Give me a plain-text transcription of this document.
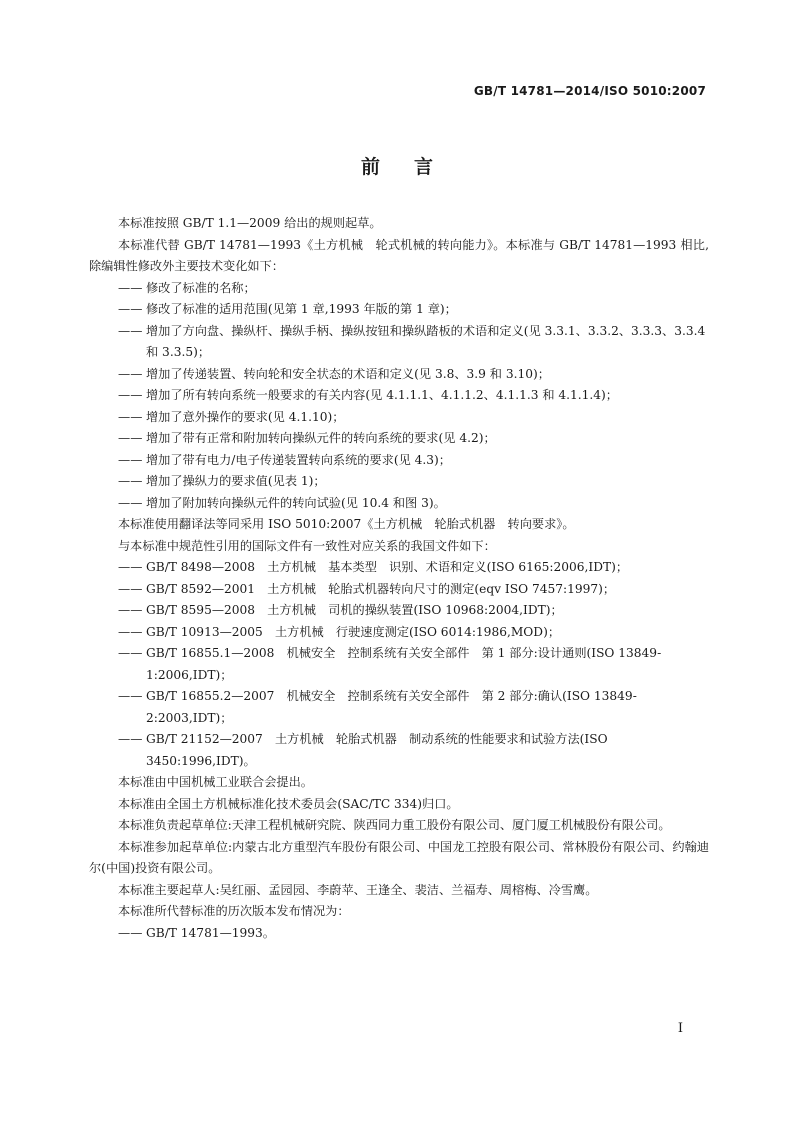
GB/T 14781—2014/ISO 5010:2007
前言

本标准按照 GB/T 1.1—2009 给出的规则起草。

本标准代替 GB/T 14781—1993《土方机械　轮式机械的转向能力》。本标准与 GB/T 14781—1993 相比,除编辑性修改外主要技术变化如下：

—— 修改了标准的名称；

—— 修改了标准的适用范围(见第 1 章,1993 年版的第 1 章)；

—— 增加了方向盘、操纵杆、操纵手柄、操纵按钮和操纵踏板的术语和定义(见 3.3.1、3.3.2、3.3.3、3.3.4和 3.3.5)；

—— 增加了传递装置、转向轮和安全状态的术语和定义(见 3.8、3.9 和 3.10)；

—— 增加了所有转向系统一般要求的有关内容(见 4.1.1.1、4.1.1.2、4.1.1.3 和 4.1.1.4)；

—— 增加了意外操作的要求(见 4.1.10)；

—— 增加了带有正常和附加转向操纵元件的转向系统的要求(见 4.2)；

—— 增加了带有电力/电子传递装置转向系统的要求(见 4.3)；

—— 增加了操纵力的要求值(见表 1)；

—— 增加了附加转向操纵元件的转向试验(见 10.4 和图 3)。

本标准使用翻译法等同采用 ISO 5010:2007《土方机械　轮胎式机器　转向要求》。

与本标准中规范性引用的国际文件有一致性对应关系的我国文件如下：

—— GB/T 8498—2008　土方机械　基本类型　识别、术语和定义(ISO 6165:2006,IDT)；

—— GB/T 8592—2001　土方机械　轮胎式机器转向尺寸的测定(eqv ISO 7457:1997)；

—— GB/T 8595—2008　土方机械　司机的操纵装置(ISO 10968:2004,IDT)；

—— GB/T 10913—2005　土方机械　行驶速度测定(ISO 6014:1986,MOD)；

—— GB/T 16855.1—2008　机械安全　控制系统有关安全部件　第 1 部分:设计通则(ISO 13849-1:2006,IDT)；

—— GB/T 16855.2—2007　机械安全　控制系统有关安全部件　第 2 部分:确认(ISO 13849-2:2003,IDT)；

—— GB/T 21152—2007　土方机械　轮胎式机器　制动系统的性能要求和试验方法(ISO 3450:1996,IDT)。

本标准由中国机械工业联合会提出。

本标准由全国土方机械标准化技术委员会(SAC/TC 334)归口。

本标准负责起草单位:天津工程机械研究院、陕西同力重工股份有限公司、厦门厦工机械股份有限公司。

本标准参加起草单位:内蒙古北方重型汽车股份有限公司、中国龙工控股有限公司、常林股份有限公司、约翰迪尔(中国)投资有限公司。

本标准主要起草人:吴红丽、孟园园、李蔚苹、王逢全、裴洁、兰福寿、周榕梅、冷雪鹰。

本标准所代替标准的历次版本发布情况为：

—— GB/T 14781—1993。

I
